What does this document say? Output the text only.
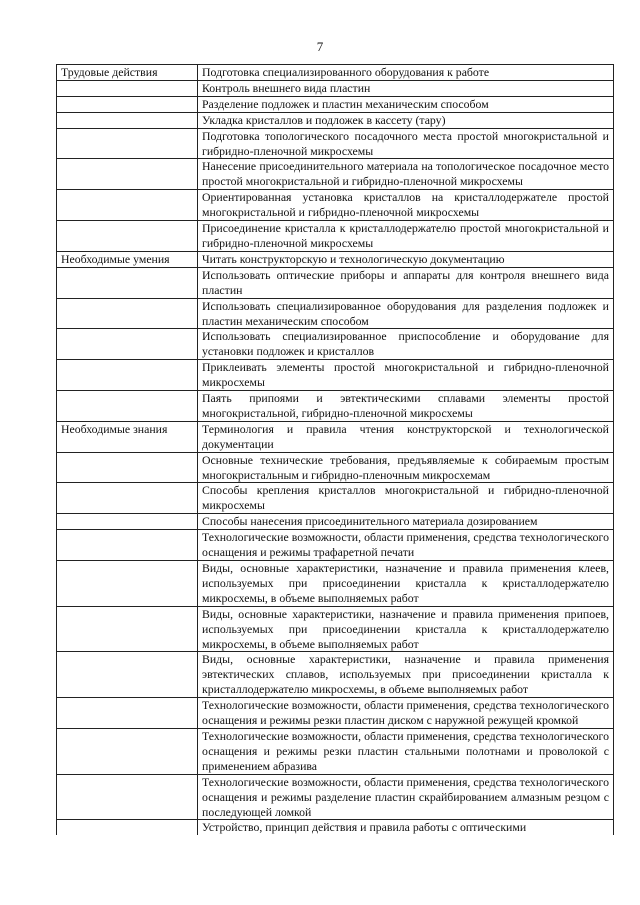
7
Трудовые действия	Подготовка специализированного оборудования к работе
	Контроль внешнего вида пластин
	Разделение подложек и пластин механическим способом
	Укладка кристаллов и подложек в кассету (тару)
	Подготовка топологического посадочного места простой многокристальной и гибридно-пленочной микросхемы
	Нанесение присоединительного материала на топологическое посадочное место простой многокристальной и гибридно-пленочной микросхемы
	Ориентированная установка кристаллов на кристаллодержателе простой многокристальной и гибридно-пленочной микросхемы
	Присоединение кристалла к кристаллодержателю простой многокристальной и гибридно-пленочной микросхемы
Необходимые умения	Читать конструкторскую и технологическую документацию
	Использовать оптические приборы и аппараты для контроля внешнего вида пластин
	Использовать специализированное оборудования для разделения подложек и пластин механическим способом
	Использовать специализированное приспособление и оборудование для установки подложек и кристаллов
	Приклеивать элементы простой многокристальной и гибридно-пленочной микросхемы
	Паять припоями и эвтектическими сплавами элементы простой многокристальной, гибридно-пленочной микросхемы
Необходимые знания	Терминология и правила чтения конструкторской и технологической документации
	Основные технические требования, предъявляемые к собираемым простым многокристальным и гибридно-пленочным микросхемам
	Способы крепления кристаллов многокристальной и гибридно-пленочной микросхемы
	Способы нанесения присоединительного материала дозированием
	Технологические возможности, области применения, средства технологического оснащения и режимы трафаретной печати
	Виды, основные характеристики, назначение и правила применения клеев, используемых при присоединении кристалла к кристаллодержателю микросхемы, в объеме выполняемых работ
	Виды, основные характеристики, назначение и правила применения припоев, используемых при присоединении кристалла к кристаллодержателю микросхемы, в объеме выполняемых работ
	Виды, основные характеристики, назначение и правила применения эвтектических сплавов, используемых при присоединении кристалла к кристаллодержателю микросхемы, в объеме выполняемых работ
	Технологические возможности, области применения, средства технологического оснащения и режимы резки пластин диском с наружной режущей кромкой
	Технологические возможности, области применения, средства технологического оснащения и режимы резки пластин стальными полотнами и проволокой с применением абразива
	Технологические возможности, области применения, средства технологического оснащения и режимы разделение пластин скрайбированием алмазным резцом с последующей ломкой
	Устройство, принцип действия и правила работы с оптическими
